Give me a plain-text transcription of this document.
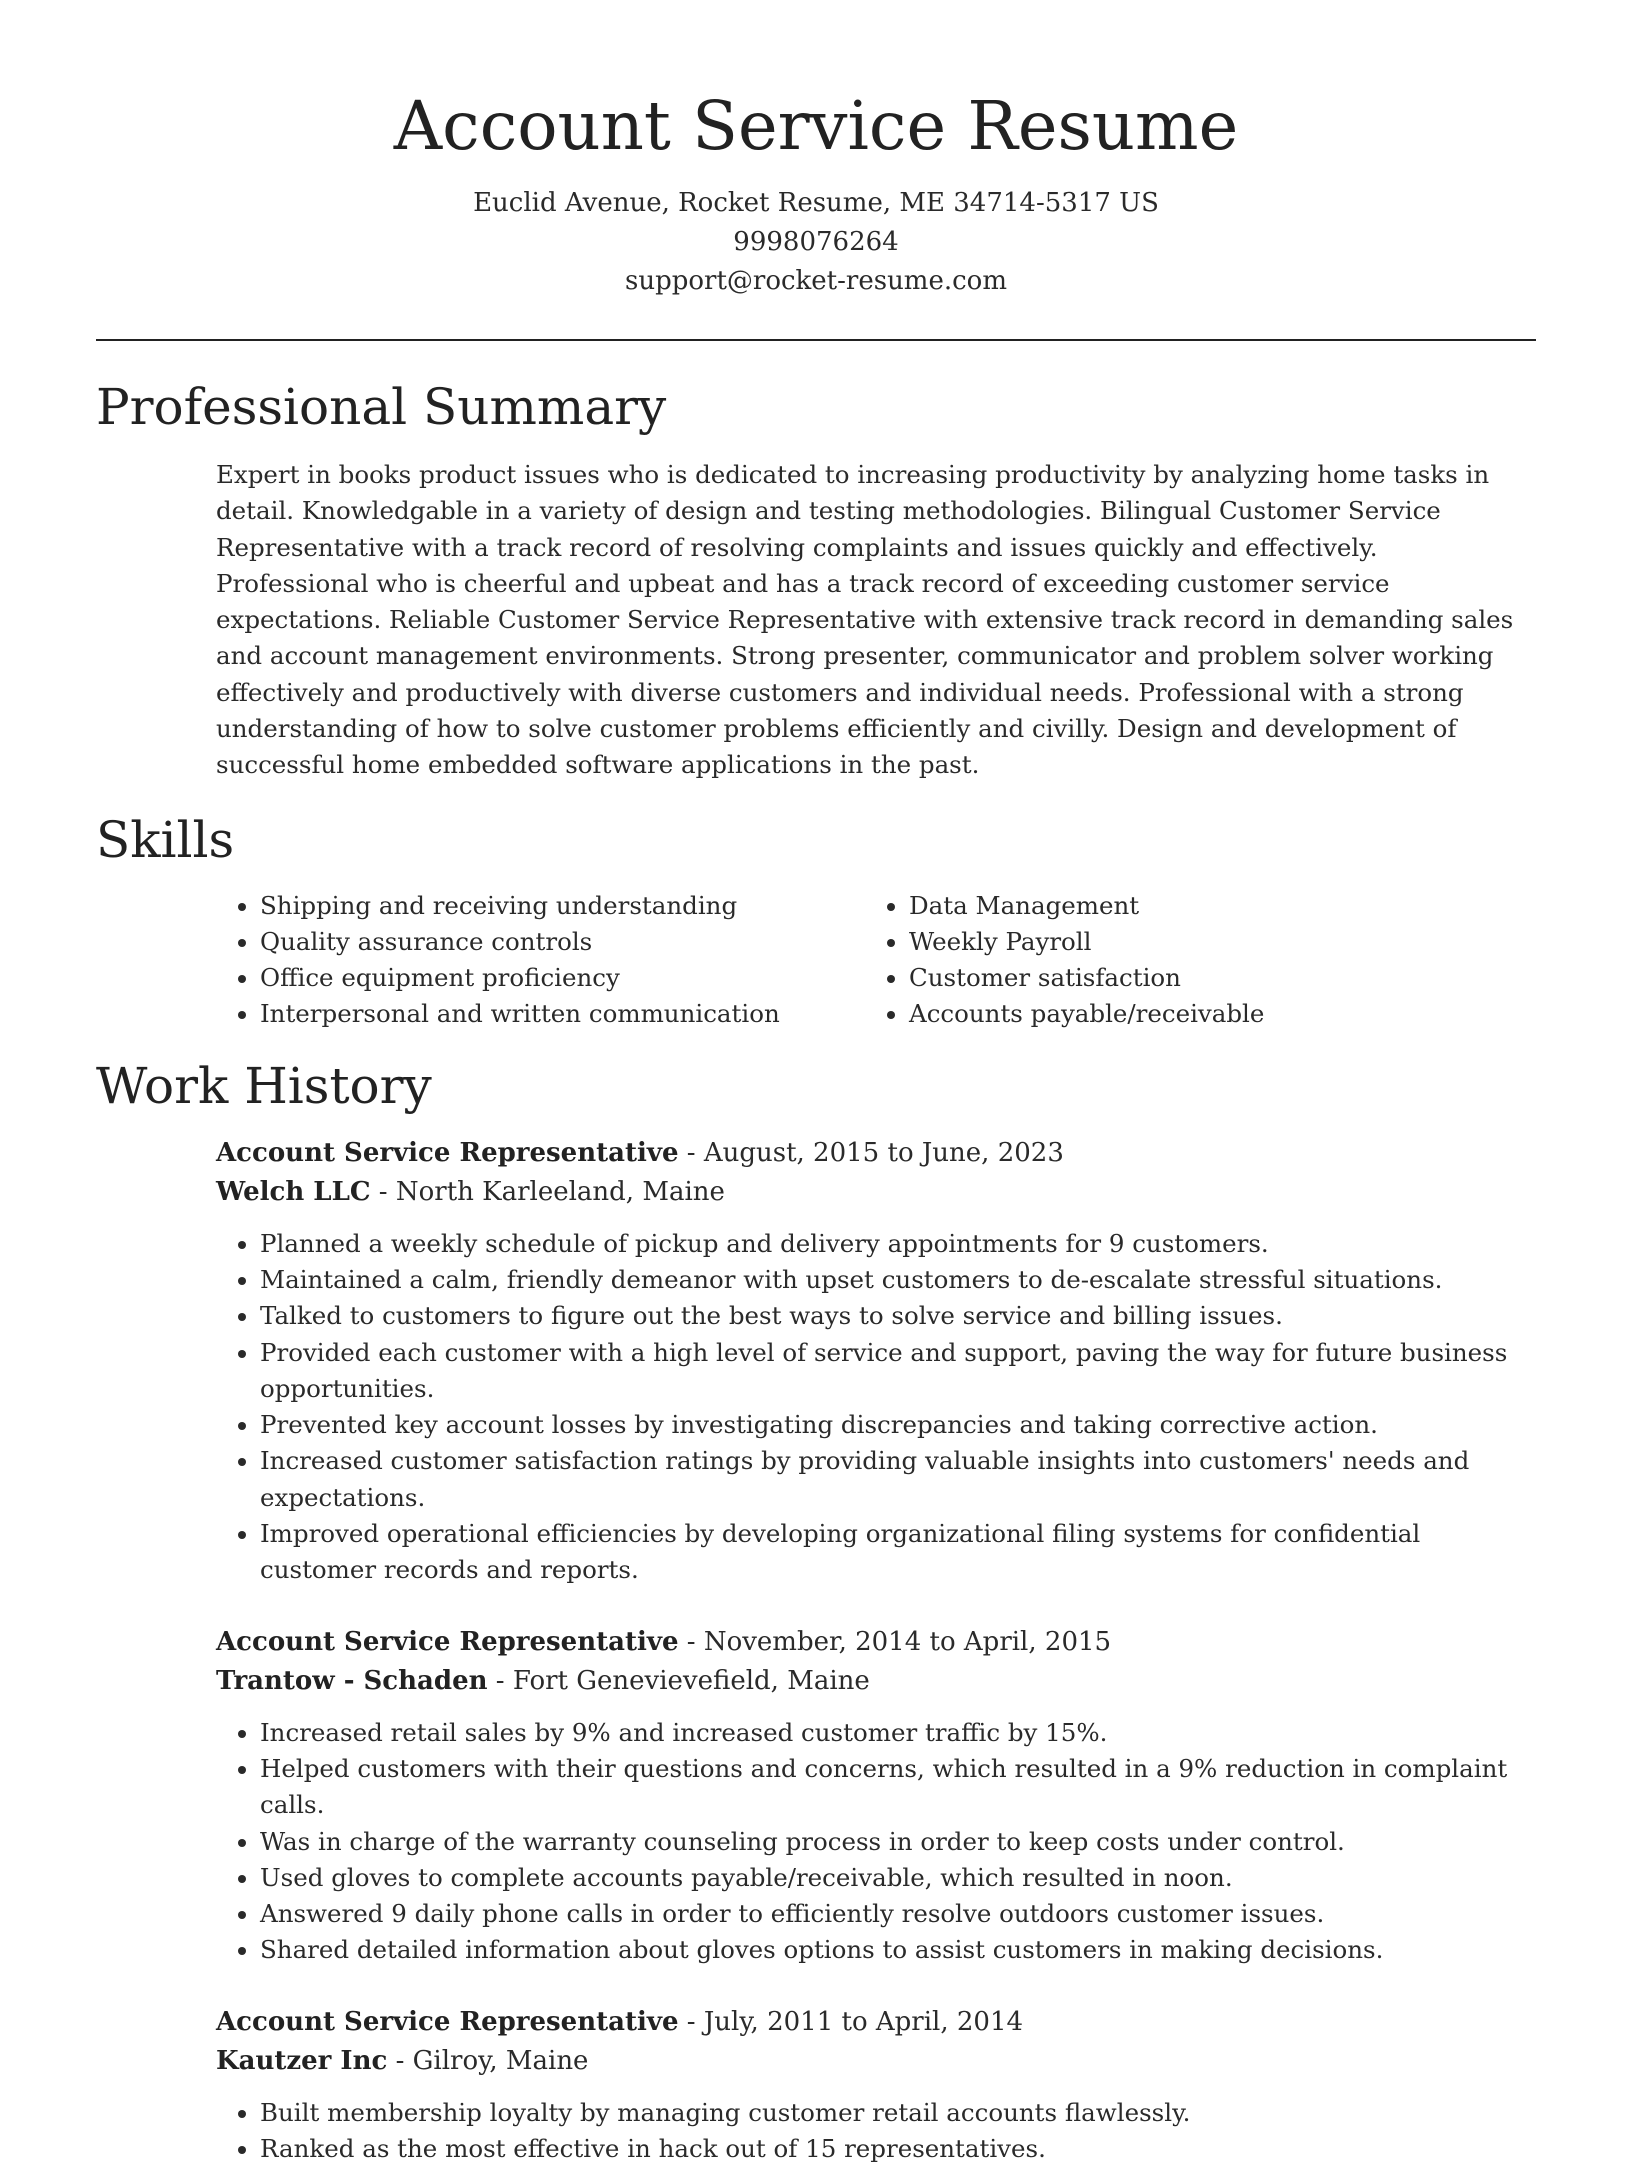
Account Service Resume
Euclid Avenue, Rocket Resume, ME 34714-5317 US
9998076264
support@rocket-resume.com
Professional Summary

Expert in books product issues who is dedicated to increasing productivity by analyzing home tasks in detail. Knowledgable in a variety of design and testing methodologies. Bilingual Customer Service Representative with a track record of resolving complaints and issues quickly and effectively. Professional who is cheerful and upbeat and has a track record of exceeding customer service expectations. Reliable Customer Service Representative with extensive track record in demanding sales and account management environments. Strong presenter, communicator and problem solver working effectively and productively with diverse customers and individual needs. Professional with a strong understanding of how to solve customer problems efficiently and civilly. Design and development of successful home embedded software applications in the past.

Skills
• Shipping and receiving understanding
• Quality assurance controls
• Office equipment proficiency
• Interpersonal and written communication
• Data Management
• Weekly Payroll
• Customer satisfaction
• Accounts payable/receivable
Work History
Account Service Representative - August, 2015 to June, 2023
Welch LLC - North Karleeland, Maine
• Planned a weekly schedule of pickup and delivery appointments for 9 customers.
• Maintained a calm, friendly demeanor with upset customers to de-escalate stressful situations.
• Talked to customers to figure out the best ways to solve service and billing issues.
• Provided each customer with a high level of service and support, paving the way for future business opportunities.
• Prevented key account losses by investigating discrepancies and taking corrective action.
• Increased customer satisfaction ratings by providing valuable insights into customers' needs and expectations.
• Improved operational efficiencies by developing organizational filing systems for confidential customer records and reports.
Account Service Representative - November, 2014 to April, 2015
Trantow - Schaden - Fort Genevievefield, Maine
• Increased retail sales by 9% and increased customer traffic by 15%.
• Helped customers with their questions and concerns, which resulted in a 9% reduction in complaint calls.
• Was in charge of the warranty counseling process in order to keep costs under control.
• Used gloves to complete accounts payable/receivable, which resulted in noon.
• Answered 9 daily phone calls in order to efficiently resolve outdoors customer issues.
• Shared detailed information about gloves options to assist customers in making decisions.
Account Service Representative - July, 2011 to April, 2014
Kautzer Inc - Gilroy, Maine
• Built membership loyalty by managing customer retail accounts flawlessly.
• Ranked as the most effective in hack out of 15 representatives.
